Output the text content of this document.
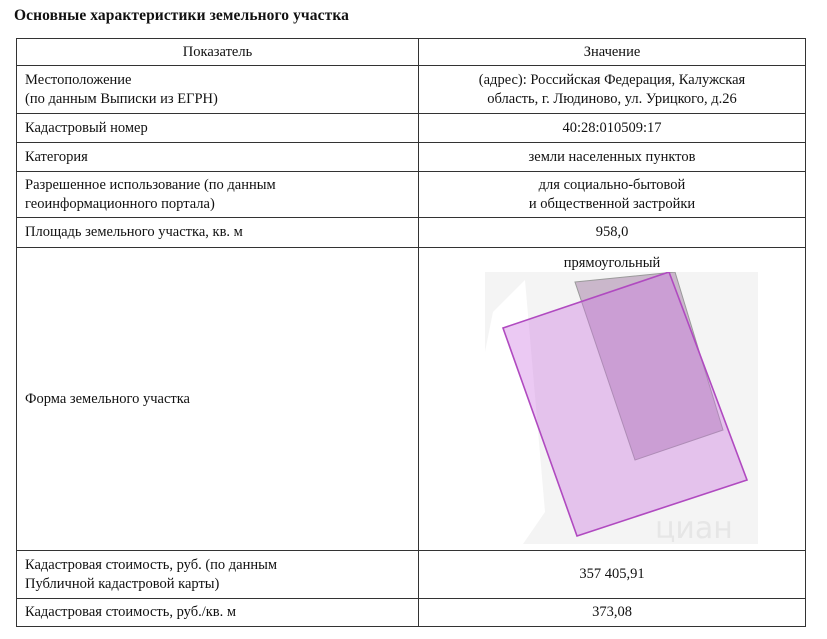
Основные характеристики земельного участка
Показатель	Значение
Местоположение
(по данным Выписки из ЕГРН)	(адрес): Российская Федерация, Калужская
область, г. Людиново, ул. Урицкого, д.26
Кадастровый номер	40:28:010509:17
Категория	земли населенных пунктов
Разрешенное использование (по данным
геоинформационного портала)	для социально-бытовой
и общественной застройки
Площадь земельного участка, кв. м	958,0
Форма земельного участка	прямоугольный
циан

Кадастровая стоимость, руб. (по данным
Публичной кадастровой карты)	357 405,91
Кадастровая стоимость, руб./кв. м	373,08
